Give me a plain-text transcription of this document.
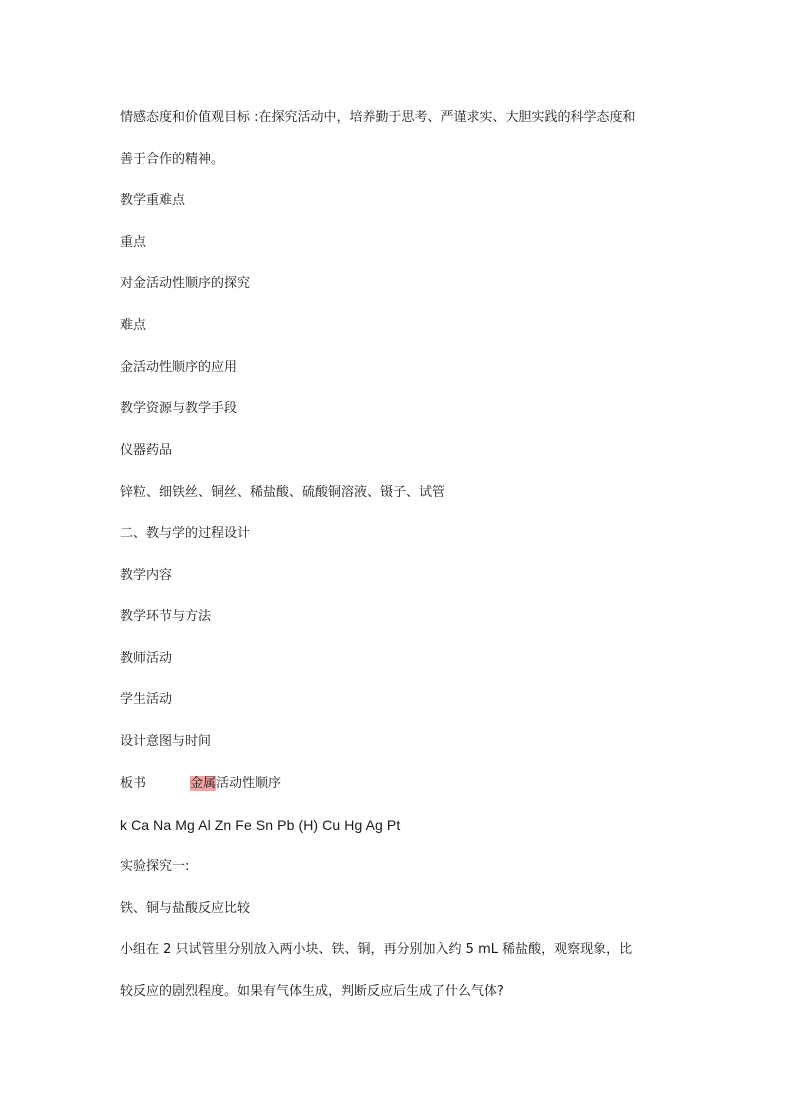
情感态度和价值观目标 :在探究活动中，培养勤于思考、严谨求实、大胆实践的科学态度和
善于合作的精神。
教学重难点
重点
对金活动性顺序的探究
难点
金活动性顺序的应用
教学资源与教学手段
仪器药品
锌粒、细铁丝、铜丝、稀盐酸、硫酸铜溶液、镊子、试管
二、教与学的过程设计
教学内容
教学环节与方法
教师活动
学生活动
设计意图与时间
板书	金属活动性顺序
k Ca Na Mg Al Zn Fe Sn Pb (H) Cu Hg Ag Pt
实验探究一:
铁、铜与盐酸反应比较
小组在 2 只试管里分别放入两小块、铁、铜，再分别加入约 5 mL 稀盐酸，观察现象，比
较反应的剧烈程度。如果有气体生成，判断反应后生成了什么气体?
